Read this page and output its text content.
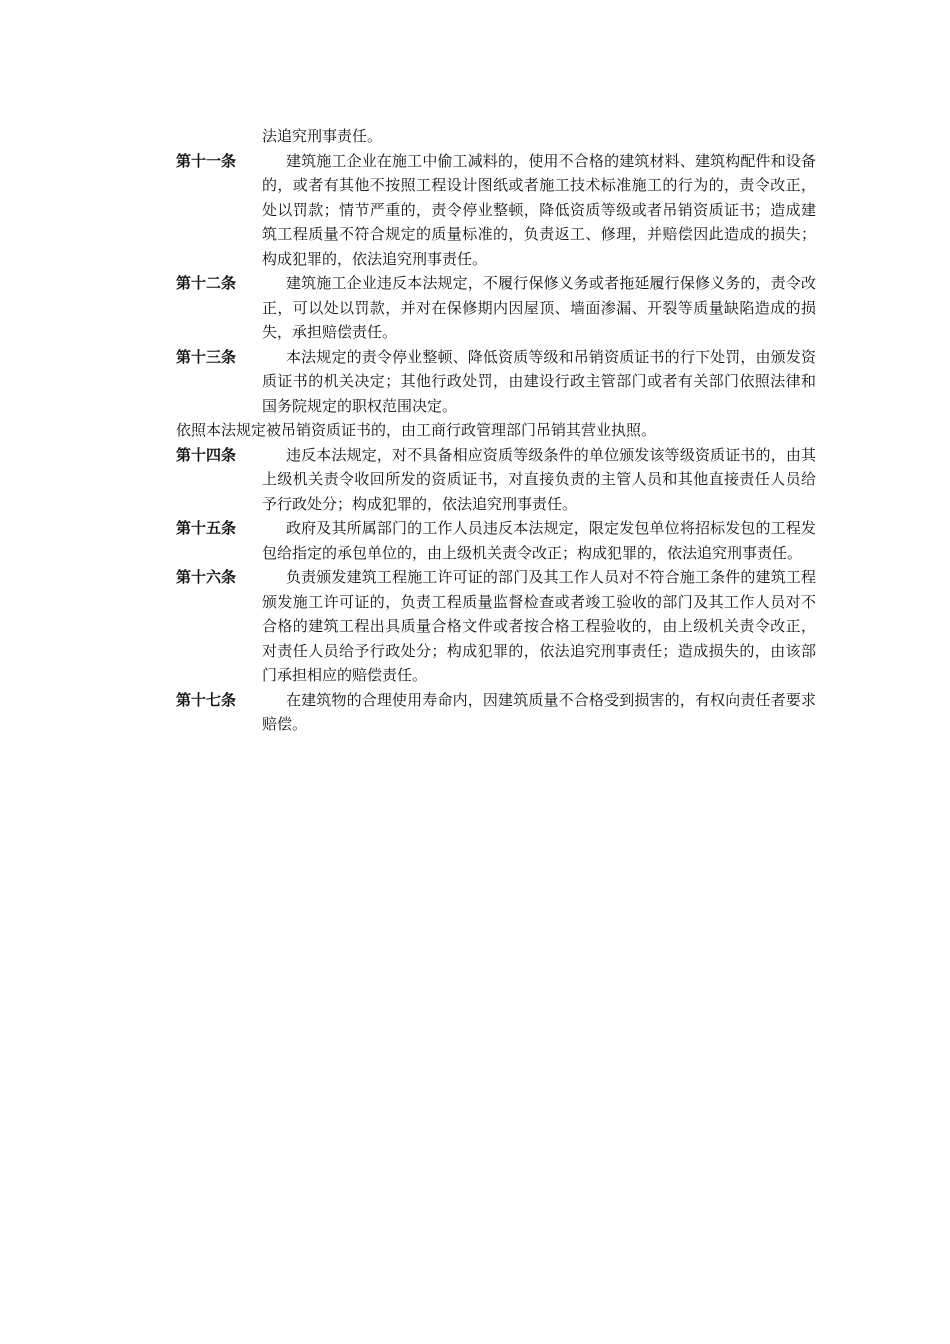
法追究刑事责任。
第十一条	建筑施工企业在施工中偷工减料的，使用不合格的建筑材料、建筑构配件和设备的，或者有其他不按照工程设计图纸或者施工技术标准施工的行为的，责令改正，处以罚款；情节严重的，责令停业整顿，降低资质等级或者吊销资质证书；造成建筑工程质量不符合规定的质量标准的，负责返工、修理，并赔偿因此造成的损失；构成犯罪的，依法追究刑事责任。
第十二条	建筑施工企业违反本法规定，不履行保修义务或者拖延履行保修义务的，责令改正，可以处以罚款，并对在保修期内因屋顶、墙面渗漏、开裂等质量缺陷造成的损失，承担赔偿责任。
第十三条	本法规定的责令停业整顿、降低资质等级和吊销资质证书的行下处罚，由颁发资质证书的机关决定；其他行政处罚，由建设行政主管部门或者有关部门依照法律和国务院规定的职权范围决定。
依照本法规定被吊销资质证书的，由工商行政管理部门吊销其营业执照。
第十四条	违反本法规定，对不具备相应资质等级条件的单位颁发该等级资质证书的，由其上级机关责令收回所发的资质证书，对直接负责的主管人员和其他直接责任人员给予行政处分；构成犯罪的，依法追究刑事责任。
第十五条	政府及其所属部门的工作人员违反本法规定，限定发包单位将招标发包的工程发包给指定的承包单位的，由上级机关责令改正；构成犯罪的，依法追究刑事责任。
第十六条	负责颁发建筑工程施工许可证的部门及其工作人员对不符合施工条件的建筑工程颁发施工许可证的，负责工程质量监督检查或者竣工验收的部门及其工作人员对不合格的建筑工程出具质量合格文件或者按合格工程验收的，由上级机关责令改正，对责任人员给予行政处分；构成犯罪的，依法追究刑事责任；造成损失的，由该部门承担相应的赔偿责任。
第十七条	在建筑物的合理使用寿命内，因建筑质量不合格受到损害的，有权向责任者要求赔偿。
